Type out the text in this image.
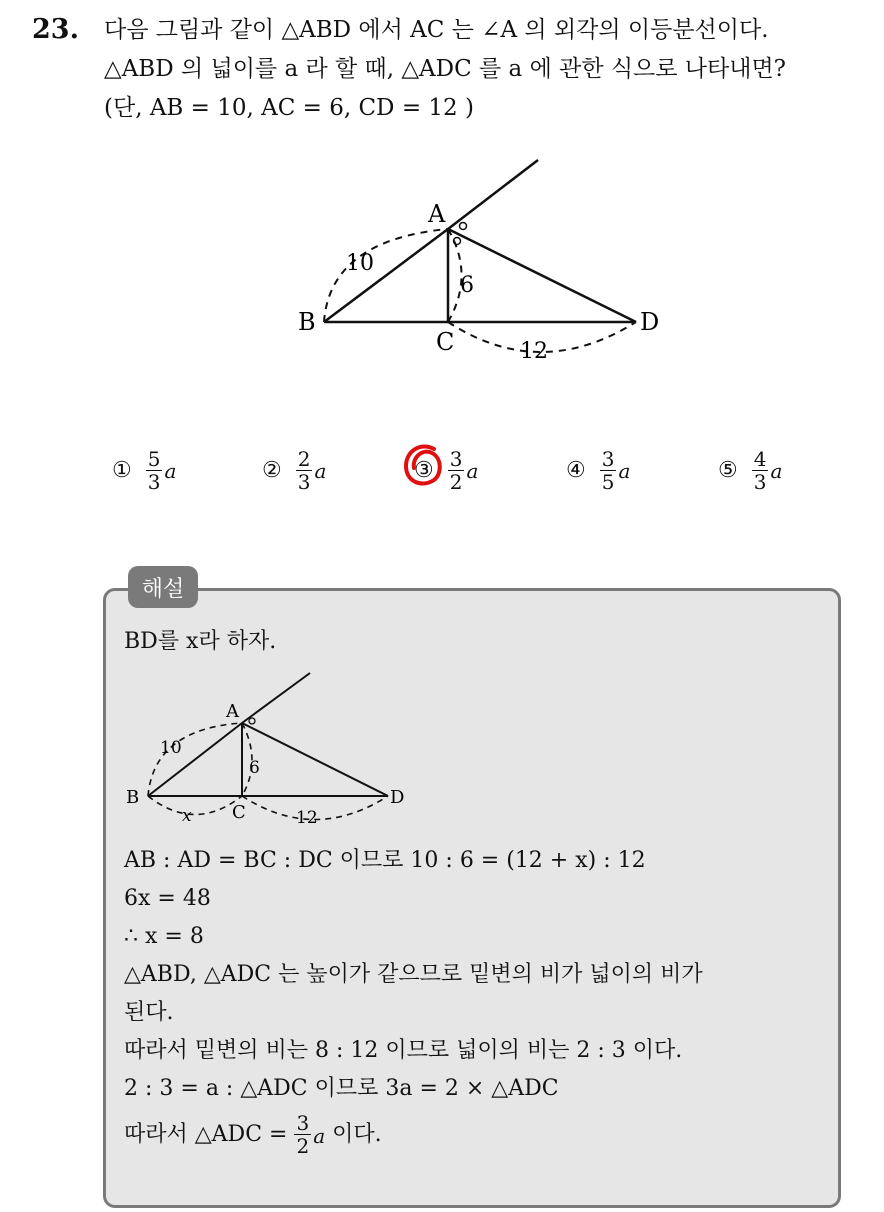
23. 다음 그림과 같이 △ABD 에서 AC 는 ∠A 의 외각의 이등분선이다.
△ABD 의 넓이를 a 라 할 때, △ADC 를 a 에 관한 식으로 나타내면?
(단, AB = 10, AC = 6, CD = 12 )
A
B
C
D
10
6
12
① $\frac{5}{3}$ a	② $\frac{2}{3}$ a	③ $\frac{3}{2}$ a	④ $\frac{3}{5}$ a	⑤ $\frac{4}{3}$ a
해설
BD를 x라 하자.
A
B
C
D
10
6
x	12
AB : AD = BC : DC 이므로 10 : 6 = (12 + x) : 12
6x = 48
∴ x = 8
△ABD, △ADC 는 높이가 같으므로 밑변의 비가 넓이의 비가
된다.
따라서 밑변의 비는 8 : 12 이므로 넓이의 비는 2 : 3 이다.
2 : 3 = a : △ADC 이므로 3a = 2 × △ADC
따라서 △ADC = $\frac{3}{2}$ a 이다.
